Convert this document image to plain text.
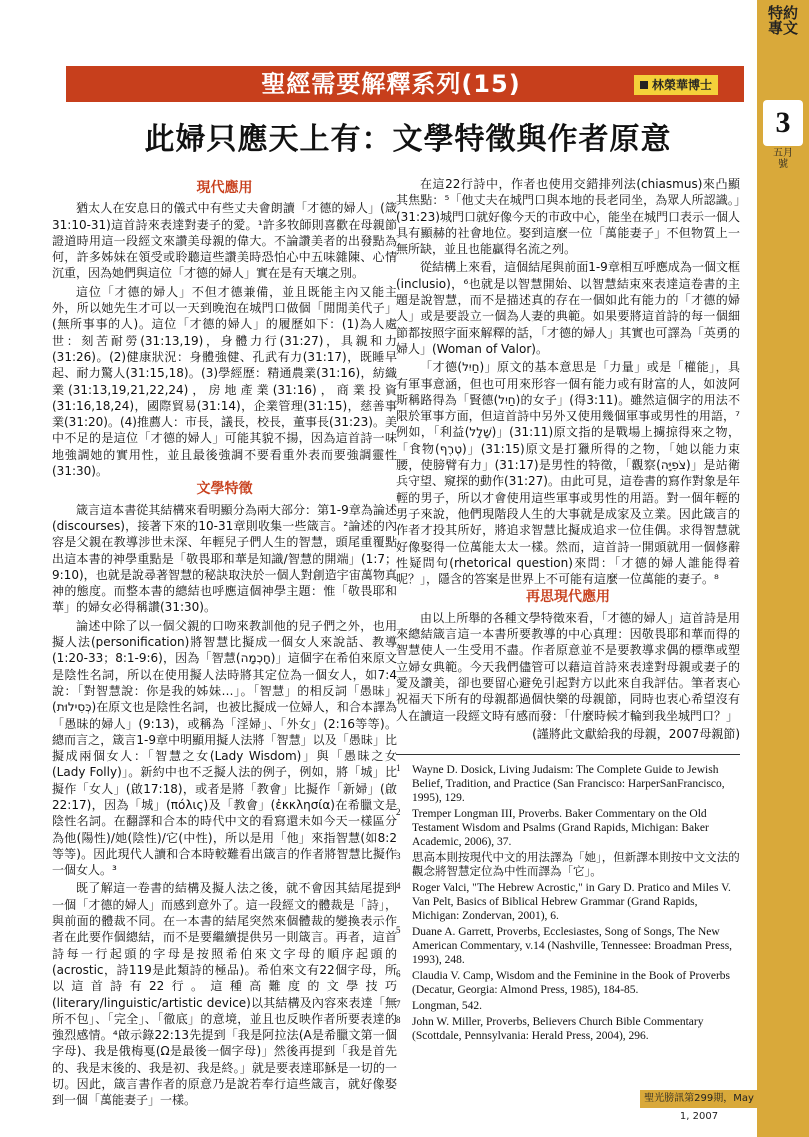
特約專文
3
五月號
聖經需要解釋系列(15)	林榮華博士
此婦只應天上有：文學特徵與作者原意
現代應用

猶太人在安息日的儀式中有些丈夫會朗讀「才德的婦人」(箴31:10-31)這首詩來表達對妻子的愛。¹許多牧師則喜歡在母親節證道時用這一段經文來讚美母親的偉大。不論讚美者的出發點為何，許多姊妹在領受或聆聽這些讚美時恐怕心中五味雜陳、心情沉重，因為她們與這位「才德的婦人」實在是有天壤之別。

這位「才德的婦人」不但才德兼備，並且既能主內又能主外，所以她先生才可以一天到晚泡在城門口做個「閒閒美代子」(無所事事的人)。這位「才德的婦人」的履歷如下：(1)為人處世：刻苦耐勞(31:13,19)，身體力行(31:27)，具親和力(31:26)。(2)健康狀況：身體強健、孔武有力(31:17)，既睡早起、耐力驚人(31:15,18)。(3)學經歷：精通農業(31:16)，紡織業(31:13,19,21,22,24)，房地產業(31:16)，商業投資(31:16,18,24)，國際貿易(31:14)，企業管理(31:15)，慈善事業(31:20)。(4)推薦人：市長，議長，校長，董事長(31:23)。美中不足的是這位「才德的婦人」可能其貌不揚，因為這首詩一味地強調她的實用性，並且最後強調不要看重外表而要強調靈性(31:30)。

文學特徵

箴言這本書從其結構來看明顯分為兩大部分：第1-9章為論述(discourses)，接著下來的10-31章則收集一些箴言。²論述的內容是父親在教導涉世未深、年輕兒子們人生的智慧，頭尾重覆點出這本書的神學重點是「敬畏耶和華是知識/智慧的開端」(1:7；9:10)，也就是說尋著智慧的秘訣取決於一個人對創造宇宙萬物真神的態度。而整本書的總結也呼應這個神學主題：惟「敬畏耶和華」的婦女必得稱讚(31:30)。

論述中除了以一個父親的口吻來教訓他的兒子們之外，也用擬人法(personification)將智慧比擬成一個女人來說話、教導(1:20-33；8:1-9:6)，因為「智慧(חָכְמָה)」這個字在希伯來原文是陰性名詞，所以在使用擬人法時將其定位為一個女人，如7:4說：「對智慧說：你是我的姊妹…」。「智慧」的相反詞「愚昧」(כְּסִילוּת)在原文也是陰性名詞，也被比擬成一位婦人，和合本譯為「愚昧的婦人」(9:13)，或稱為「淫婦」、「外女」(2:16等等)。總而言之，箴言1-9章中明顯用擬人法將「智慧」以及「愚昧」比擬成兩個女人：「智慧之女(Lady Wisdom)」與「愚昧之女(Lady Folly)」。新約中也不乏擬人法的例子，例如，將「城」比擬作「女人」(啟17:18)，或者是將「教會」比擬作「新婦」(啟22:17)，因為「城」(πόλις)及「教會」(ἐκκλησία)在希臘文是陰性名詞。在翻譯和合本的時代中文的看寫還未如今天一樣區分為他(陽性)/她(陰性)/它(中性)，所以是用「他」來指智慧(如8:2等等)。因此現代人讀和合本時較難看出箴言的作者將智慧比擬作一個女人。³

既了解這一卷書的結構及擬人法之後，就不會因其結尾提到一個「才德的婦人」而感到意外了。這一段經文的體裁是「詩」，與前面的體裁不同。在一本書的結尾突然來個體裁的變換表示作者在此要作個總結，而不是要繼續提供另一則箴言。再者，這首詩每一行起頭的字母是按照希伯來文字母的順序起頭的(acrostic，詩119是此類詩的極品)。希伯來文有22個字母，所以這首詩有22行。這種高難度的文學技巧(literary/linguistic/artistic device)以其結構及內容來表達「無所不包」、「完全」、「徹底」的意境，並且也反映作者所要表達的強烈感情。⁴啟示錄22:13先提到「我是阿拉法(A是希臘文第一個字母)、我是俄梅戛(Ω是最後一個字母)」然後再提到「我是首先的、我是末後的、我是初、我是終。」就是要表達耶穌是一切的一切。因此，箴言書作者的原意乃是說若奉行這些箴言，就好像娶到一個「萬能妻子」一樣。

在這22行詩中，作者也使用交錯排列法(chiasmus)來凸顯其焦點：⁵「他丈夫在城門口與本地的長老同坐，為眾人所認識。」(31:23)城門口就好像今天的市政中心，能坐在城門口表示一個人具有顯赫的社會地位。娶到這麼一位「萬能妻子」不但物質上一無所缺，並且也能贏得名流之列。

從結構上來看，這個結尾與前面1-9章相互呼應成為一個文框(inclusio)，⁶也就是以智慧開始、以智慧結束來表達這卷書的主題是說智慧，而不是描述真的存在一個如此有能力的「才德的婦人」或是要設立一個為人妻的典範。如果要將這首詩的每一個細節都按照字面來解釋的話，「才德的婦人」其實也可譯為「英勇的婦人」(Woman of Valor)。

「才德(חַיִל)」原文的基本意思是「力量」或是「權能」，具有軍事意涵，但也可用來形容一個有能力或有財富的人，如波阿斯稱路得為「賢德(חַיִל)的女子」(得3:11)。雖然這個字的用法不限於軍事方面，但這首詩中另外又使用幾個軍事或男性的用語，⁷例如，「利益(שָׁלָל)」(31:11)原文指的是戰場上擄掠得來之物，「食物(טֶרֶף)」(31:15)原文是打獵所得的之物，「她以能力束腰，使膀臂有力」(31:17)是男性的特徵，「觀察(צֹפִיָּה)」是站衛兵守望、窺探的動作(31:27)。由此可見，這卷書的寫作對象是年輕的男子，所以才會使用這些軍事或男性的用語。對一個年輕的男子來說，他們現階段人生的大事就是成家及立業。因此箴言的作者才投其所好，將追求智慧比擬成追求一位佳偶。求得智慧就好像娶得一位萬能太太一樣。然而，這首詩一開頭就用一個修辭性疑問句(rhetorical question)來問：「才德的婦人誰能得着呢？」，隱含的答案是世界上不可能有這麼一位萬能的妻子。⁸

再思現代應用

由以上所舉的各種文學特徵來看，「才德的婦人」這首詩是用來總結箴言這一本書所要教導的中心真理：因敬畏耶和華而得的智慧使人一生受用不盡。作者原意並不是要教導求偶的標準或塑立婦女典範。今天我們儘管可以藉這首詩來表達對母親或妻子的愛及讚美，卻也要留心避免引起對方以此來自我評估。筆者衷心祝福天下所有的母親都過個快樂的母親節，同時也衷心希望沒有人在讀這一段經文時有感而發：「什麼時候才輪到我坐城門口？」

(謹將此文獻給我的母親，2007母親節)

1 Wayne D. Dosick, Living Judaism: The Complete Guide to Jewish Belief, Tradition, and Practice (San Francisco: HarperSanFrancisco, 1995), 129.
2 Tremper Longman III, Proverbs. Baker Commentary on the Old Testament Wisdom and Psalms (Grand Rapids, Michigan: Baker Academic, 2006), 37.
3 思高本則按現代中文的用法譯為「她」，但新譯本則按中文文法的觀念將智慧定位為中性而譯為「它」。
4 Roger Valci, "The Hebrew Acrostic," in Gary D. Pratico and Miles V. Van Pelt, Basics of Biblical Hebrew Grammar (Grand Rapids, Michigan: Zondervan, 2001), 6.
5 Duane A. Garrett, Proverbs, Ecclesiastes, Song of Songs, The New American Commentary, v.14 (Nashville, Tennessee: Broadman Press, 1993), 248.
6 Claudia V. Camp, Wisdom and the Feminine in the Book of Proverbs (Decatur, Georgia: Almond Press, 1985), 184-85.
7 Longman, 542.
8 John W. Miller, Proverbs, Believers Church Bible Commentary (Scottdale, Pennsylvania: Herald Press, 2004), 296.
聖光膀訊第299期，May 1, 2007
